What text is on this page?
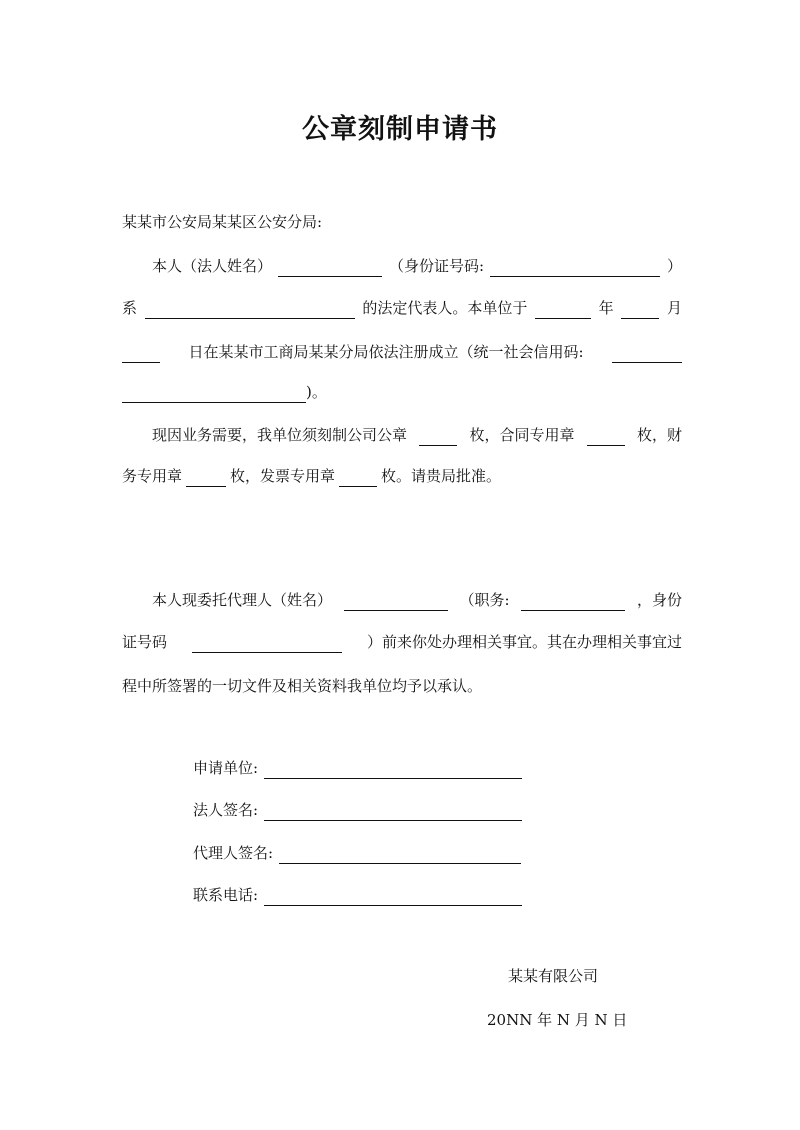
公章刻制申请书
某某市公安局某某区公安分局:
本人（法人姓名）	（身份证号码:	）
系	的法定代表人。本单位于	年	月
日在某某市工商局某某分局依法注册成立（统一社会信用码:
)。
现因业务需要，我单位须刻制公司公章	枚，合同专用章	枚，财
务专用章	枚，发票专用章	枚。请贵局批准。
本人现委托代理人（姓名）	（职务:	，身份
证号码	）前来你处办理相关事宜。其在办理相关事宜过
程中所签署的一切文件及相关资料我单位均予以承认。
申请单位:
法人签名:
代理人签名:
联系电话:
某某有限公司
20NN 年 N 月 N 日
